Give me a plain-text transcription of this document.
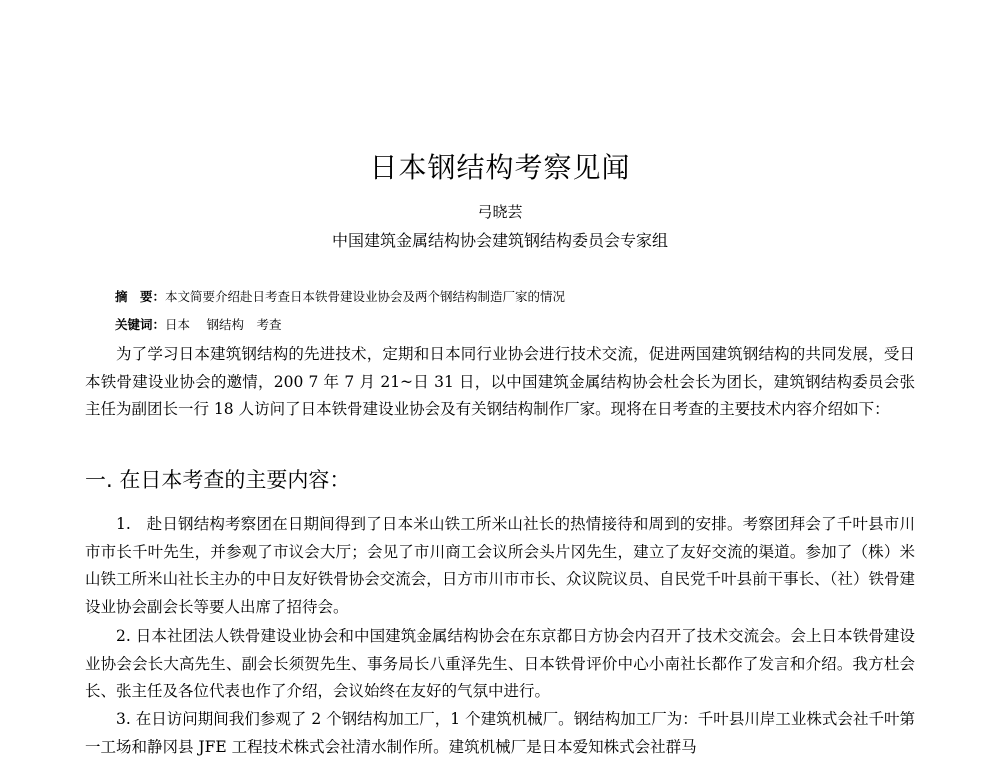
日本钢结构考察见闻
弓晓芸
中国建筑金属结构协会建筑钢结构委员会专家组
摘　要：本文简要介绍赴日考查日本铁骨建设业协会及两个钢结构制造厂家的情况
关键词：日本　 钢结构　考查

为了学习日本建筑钢结构的先进技术，定期和日本同行业协会进行技术交流，促进两国建筑钢结构的共同发展，受日本铁骨建设业协会的邀情，200 7 年 7 月 21~日 31 日，以中国建筑金属结构协会杜会长为团长，建筑钢结构委员会张主任为副团长一行 18 人访问了日本铁骨建设业协会及有关钢结构制作厂家。现将在日考查的主要技术内容介绍如下：

一. 在日本考查的主要内容：

1.　赴日钢结构考察团在日期间得到了日本米山铁工所米山社长的热情接待和周到的安排。考察团拜会了千叶县市川市市长千叶先生，并参观了市议会大厅；会见了市川商工会议所会头片冈先生，建立了友好交流的渠道。参加了（株）米山铁工所米山社长主办的中日友好铁骨协会交流会，日方市川市市长、众议院议员、自民党千叶县前干事长、（社）铁骨建设业协会副会长等要人出席了招待会。

2. 日本社团法人铁骨建设业协会和中国建筑金属结构协会在东京都日方协会内召开了技术交流会。会上日本铁骨建设业协会会长大高先生、副会长须贺先生、事务局长八重泽先生、日本铁骨评价中心小南社长都作了发言和介绍。我方杜会长、张主任及各位代表也作了介绍，会议始终在友好的气氛中进行。

3. 在日访问期间我们参观了 2 个钢结构加工厂，1 个建筑机械厂。钢结构加工厂为：千叶县川岸工业株式会社千叶第一工场和静冈县 JFE 工程技术株式会社清水制作所。建筑机械厂是日本爱知株式会社群马
